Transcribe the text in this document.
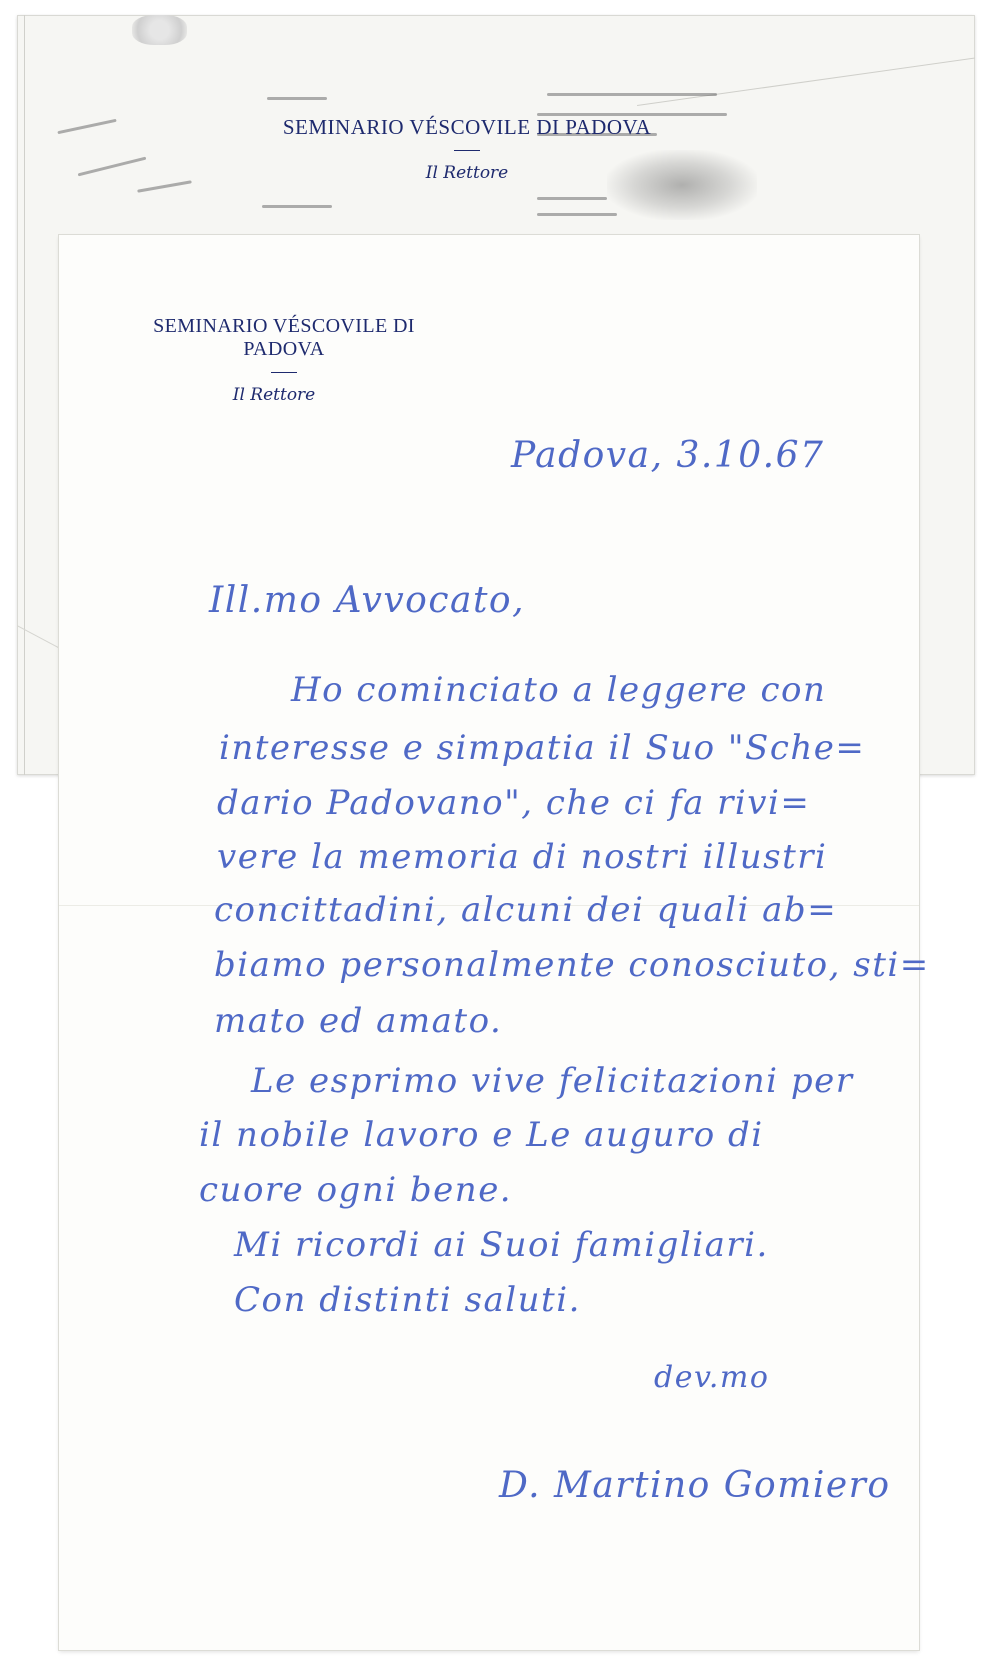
SEMINARIO VÉSCOVILE DI PADOVA
Il Rettore
SEMINARIO VÉSCOVILE DI PADOVA
Il Rettore
Padova, 3.10.67
Ill.mo Avvocato,
Ho cominciato a leggere con
interesse e simpatia il Suo "Sche=
dario Padovano", che ci fa rivi=
vere la memoria di nostri illustri
concittadini, alcuni dei quali ab=
biamo personalmente conosciuto, sti=
mato ed amato.
Le esprimo vive felicitazioni per
il nobile lavoro e Le auguro di
cuore ogni bene.
Mi ricordi ai Suoi famigliari.
Con distinti saluti.
dev.mo
D. Martino Gomiero
